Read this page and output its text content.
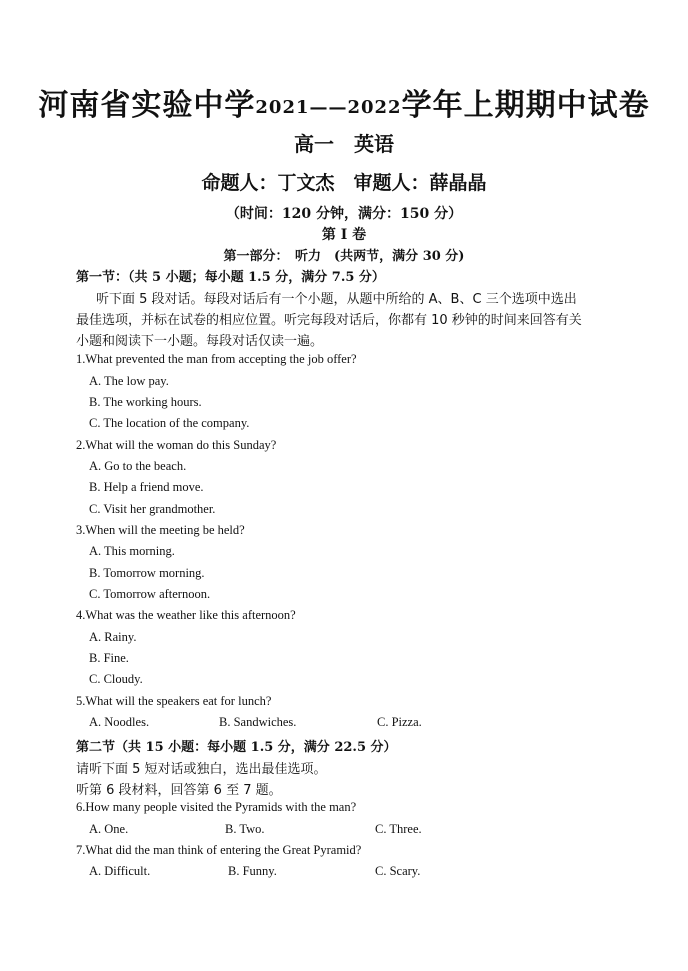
河南省实验中学2021——2022学年上期期中试卷
高一　英语
命题人：丁文杰　审题人：薛晶晶
（时间：120 分钟，满分：150 分）
第 I 卷
第一部分：　听力　(共两节，满分 30 分)
第一节：（共 5 小题；每小题 1.5 分，满分 7.5 分）
听下面 5 段对话。每段对话后有一个小题，从题中所给的 A、B、C 三个选项中选出
最佳选项，并标在试卷的相应位置。听完每段对话后，你都有 10 秒钟的时间来回答有关
小题和阅读下一小题。每段对话仅读一遍。
1.What prevented the man from accepting the job offer?
A. The low pay.
B. The working hours.
C. The location of the company.
2.What will the woman do this Sunday?
A. Go to the beach.
B. Help a friend move.
C. Visit her grandmother.
3.When will the meeting be held?
A. This morning.
B. Tomorrow morning.
C. Tomorrow afternoon.
4.What was the weather like this afternoon?
A. Rainy.
B. Fine.
C. Cloudy.
5.What will the speakers eat for lunch?
A. Noodles.	B. Sandwiches.	C. Pizza.
第二节（共 15 小题：每小题 1.5 分，满分 22.5 分）
请听下面 5 短对话或独白，选出最佳选项。
听第 6 段材料，回答第 6 至 7 题。
6.How many people visited the Pyramids with the man?
A. One.	B. Two.	C. Three.
7.What did the man think of entering the Great Pyramid?
A. Difficult.	B. Funny.	C. Scary.
